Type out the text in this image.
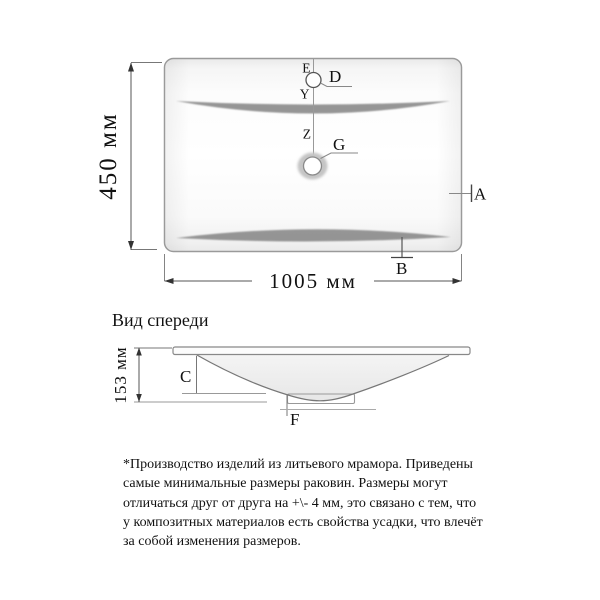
450 мм
1005 мм
E
Y
Z
D
G
A
B
153 мм	C
F
Вид спереди
*Производство изделий из литьевого мрамора. Приведены
самые минимальные размеры раковин. Размеры могут
отличаться друг от друга на +\- 4 мм, это связано с тем, что
у композитных материалов есть свойства усадки, что влечёт
за собой изменения размеров.
